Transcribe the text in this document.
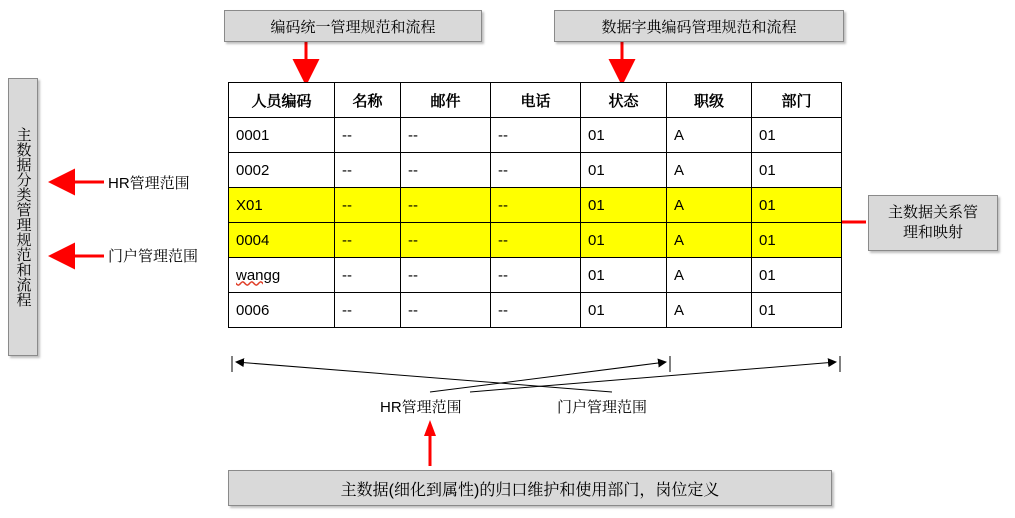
主数据分类管理规范和流程
编码统一管理规范和流程	数据字典编码管理规范和流程
主数据关系管
理和映射
主数据(细化到属性)的归口维护和使用部门，岗位定义
HR管理范围
门户管理范围
HR管理范围	门户管理范围
人员编码	名称	邮件	电话	状态	职级	部门
0001	--	--	--	01	A	01
0002	--	--	--	01	A	01
X01	--	--	--	01	A	01
0004	--	--	--	01	A	01
wangg	--	--	--	01	A	01
0006	--	--	--	01	A	01
